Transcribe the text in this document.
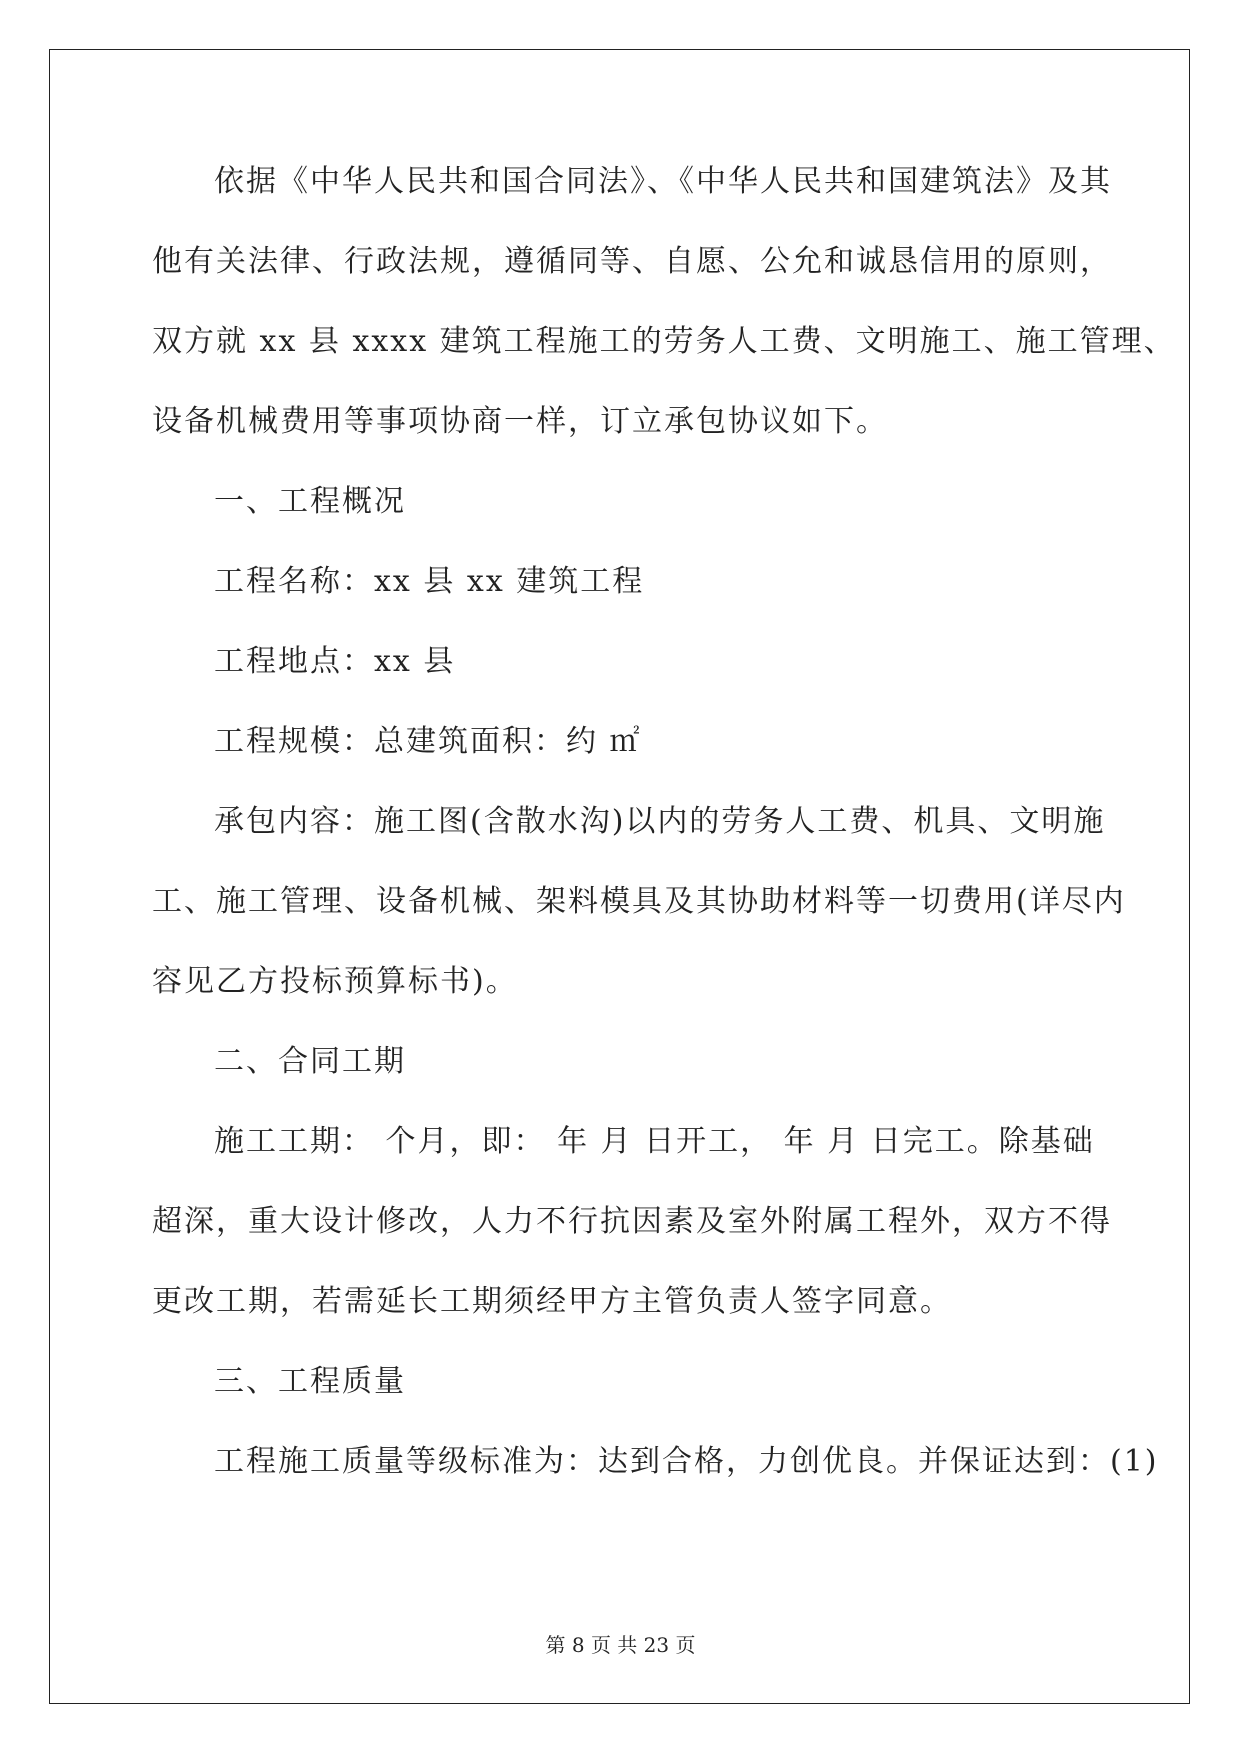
依据《中华人民共和国合同法》、《中华人民共和国建筑法》及其
他有关法律、行政法规，遵循同等、自愿、公允和诚恳信用的原则，
双方就 xx 县 xxxx 建筑工程施工的劳务人工费、文明施工、施工管理、
设备机械费用等事项协商一样，订立承包协议如下。
一、工程概况
工程名称：xx 县 xx 建筑工程
工程地点：xx 县
工程规模：总建筑面积：约 ㎡
承包内容：施工图(含散水沟)以内的劳务人工费、机具、文明施
工、施工管理、设备机械、架料模具及其协助材料等一切费用(详尽内
容见乙方投标预算标书)。
二、合同工期
施工工期： 个月，即： 年 月 日开工， 年 月 日完工。除基础
超深，重大设计修改，人力不行抗因素及室外附属工程外，双方不得
更改工期，若需延长工期须经甲方主管负责人签字同意。
三、工程质量
工程施工质量等级标准为：达到合格，力创优良。并保证达到：(1)
第 8 页 共 23 页
